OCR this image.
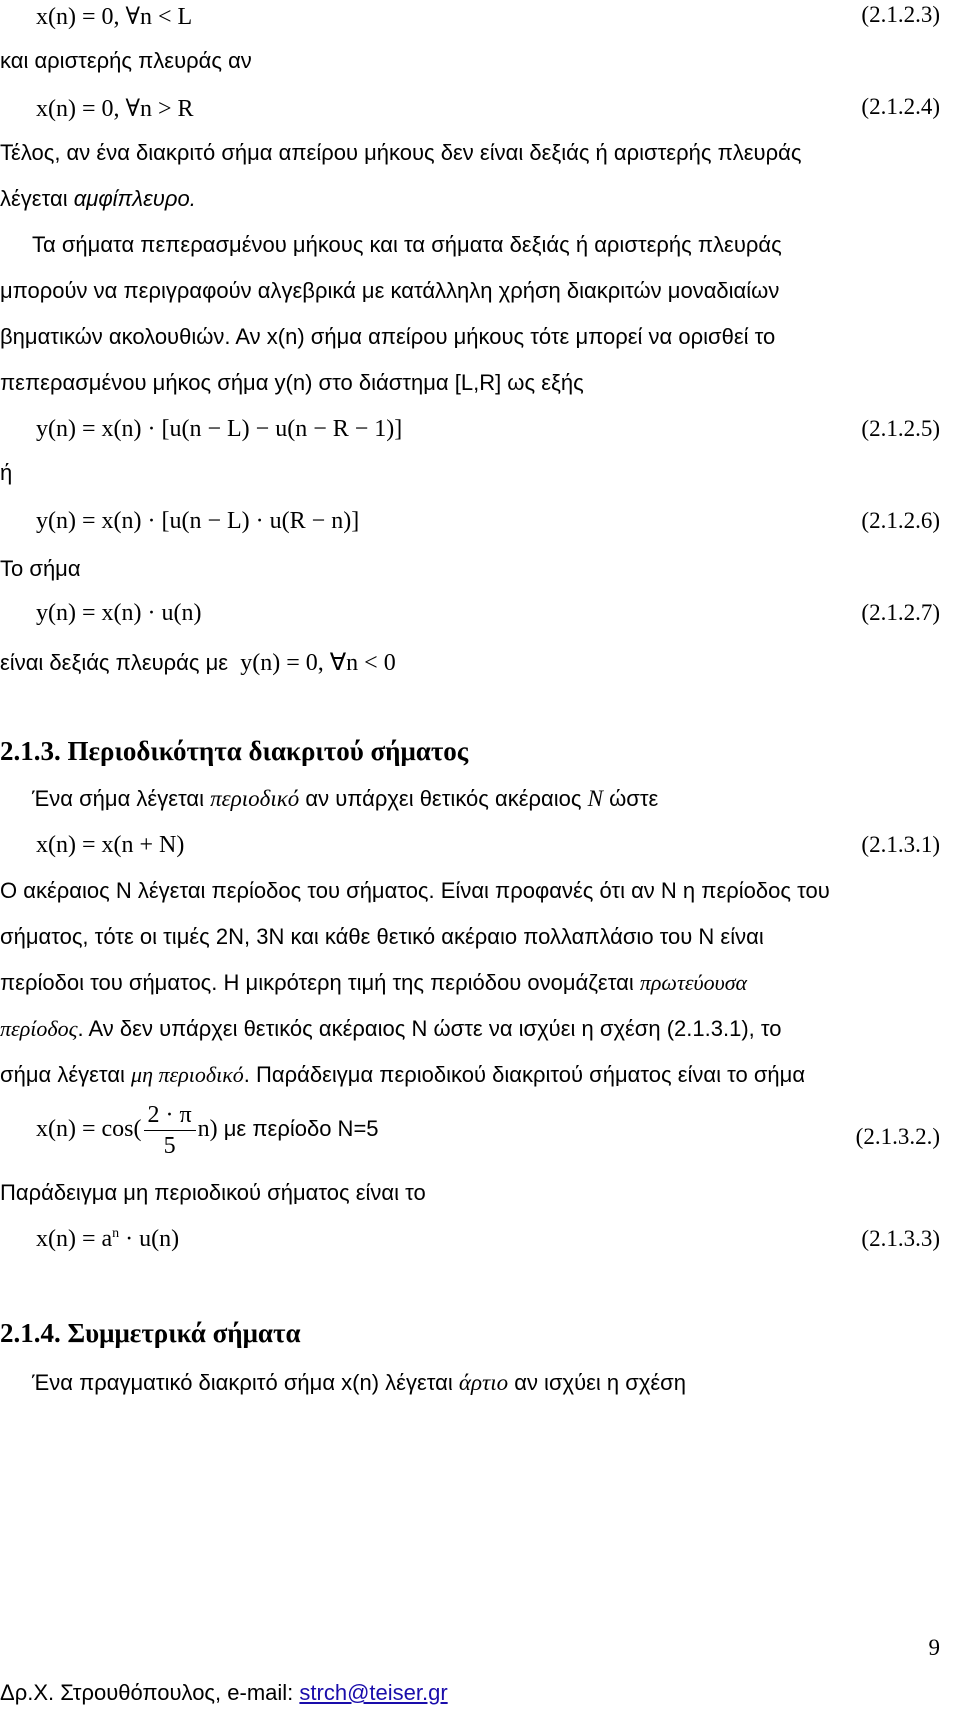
x(n) = 0, ∀n < L	(2.1.2.3)
και αριστερής πλευράς αν
x(n) = 0, ∀n > R	(2.1.2.4)
Τέλος, αν ένα διακριτό σήμα απείρου μήκους δεν είναι δεξιάς ή αριστερής πλευράς
λέγεται αμφίπλευρο.
Τα σήματα πεπερασμένου μήκους και τα σήματα δεξιάς ή αριστερής πλευράς
μπορούν να περιγραφούν αλγεβρικά με κατάλληλη χρήση διακριτών μοναδιαίων
βηματικών ακολουθιών. Αν x(n) σήμα απείρου μήκους τότε μπορεί να ορισθεί το
πεπερασμένου μήκος σήμα y(n) στο διάστημα [L,R] ως εξής
y(n) = x(n) · [u(n − L) − u(n − R − 1)]	(2.1.2.5)
ή
y(n) = x(n) · [u(n − L) · u(R − n)]	(2.1.2.6)
Το σήμα
y(n) = x(n) · u(n)	(2.1.2.7)
είναι δεξιάς πλευράς με y(n) = 0, ∀n < 0
2.1.3. Περιοδικότητα διακριτού σήματος
Ένα σήμα λέγεται περιοδικό αν υπάρχει θετικός ακέραιος N ώστε
x(n) = x(n + N)	(2.1.3.1)
Ο ακέραιος N λέγεται περίοδος του σήματος. Είναι προφανές ότι αν N η περίοδος του
σήματος, τότε οι τιμές 2N, 3N και κάθε θετικό ακέραιο πολλαπλάσιο του N είναι
περίοδοι του σήματος. Η μικρότερη τιμή της περιόδου ονομάζεται πρωτεύουσα
περίοδος. Αν δεν υπάρχει θετικός ακέραιος N ώστε να ισχύει η σχέση (2.1.3.1), το
σήμα λέγεται μη περιοδικό. Παράδειγμα περιοδικού διακριτού σήματος είναι το σήμα
$x(n) = \cos( \frac{2 \cdot \pi}{5} n)$ με περίοδο N=5	(2.1.3.2.)
Παράδειγμα μη περιοδικού σήματος είναι το
$x(n) = a^n \cdot u(n)$	(2.1.3.3)
2.1.4. Συμμετρικά σήματα
Ένα πραγματικό διακριτό σήμα x(n) λέγεται άρτιο αν ισχύει η σχέση
9
Δρ.Χ. Στρουθόπουλος, e-mail: strch@teiser.gr
